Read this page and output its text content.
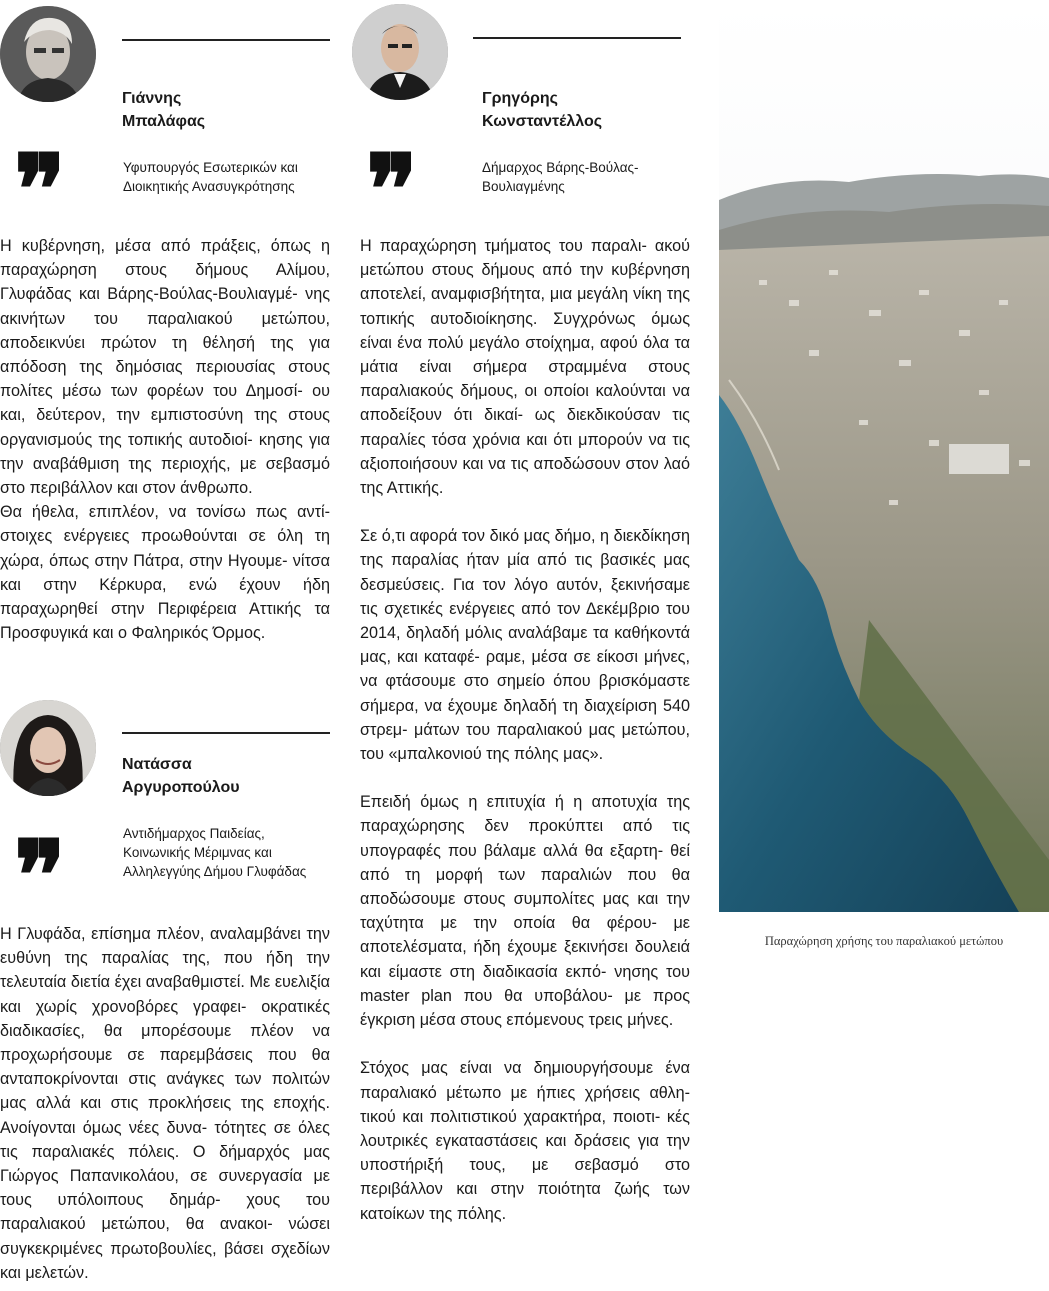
Γιάννης
Μπαλάφας
Υφυπουργός Εσωτερικών και
Διοικητικής Ανασυγκρότησης
❞

Η κυβέρνηση, μέσα από πράξεις, όπως η παραχώρηση στους δήμους Αλίμου, Γλυφάδας και Βάρης-Βούλας-Βουλιαγμέ- νης ακινήτων του παραλιακού μετώπου, αποδεικνύει πρώτον τη θέλησή της για απόδοση της δημόσιας περιουσίας στους πολίτες μέσω των φορέων του Δημοσί- ου και, δεύτερον, την εμπιστοσύνη της στους οργανισμούς της τοπικής αυτοδιοί- κησης για την αναβάθμιση της περιοχής, με σεβασμό στο περιβάλλον και στον άνθρωπο.

Θα ήθελα, επιπλέον, να τονίσω πως αντί- στοιχες ενέργειες προωθούνται σε όλη τη χώρα, όπως στην Πάτρα, στην Ηγουμε- νίτσα και στην Κέρκυρα, ενώ έχουν ήδη παραχωρηθεί στην Περιφέρεια Αττικής τα Προσφυγικά και ο Φαληρικός Όρμος.

Νατάσσα
Αργυροπούλου
Αντιδήμαρχος Παιδείας,
Κοινωνικής Μέριμνας και
Αλληλεγγύης Δήμου Γλυφάδας
❞

Η Γλυφάδα, επίσημα πλέον, αναλαμβάνει την ευθύνη της παραλίας της, που ήδη την τελευταία διετία έχει αναβαθμιστεί. Με ευελιξία και χωρίς χρονοβόρες γραφει- οκρατικές διαδικασίες, θα μπορέσουμε πλέον να προχωρήσουμε σε παρεμβάσεις που θα ανταποκρίνονται στις ανάγκες των πολιτών μας αλλά και στις προκλήσεις της εποχής. Ανοίγονται όμως νέες δυνα- τότητες σε όλες τις παραλιακές πόλεις. Ο δήμαρχός μας Γιώργος Παπανικολάου, σε συνεργασία με τους υπόλοιπους δημάρ- χους του παραλιακού μετώπου, θα ανακοι- νώσει συγκεκριμένες πρωτοβουλίες, βάσει σχεδίων και μελετών.

Γρηγόρης
Κωνσταντέλλος
Δήμαρχος Βάρης-Βούλας-
Βουλιαγμένης
❞

Η παραχώρηση τμήματος του παραλι- ακού μετώπου στους δήμους από την κυβέρνηση αποτελεί, αναμφισβήτητα, μια μεγάλη νίκη της τοπικής αυτοδιοίκησης. Συγχρόνως όμως είναι ένα πολύ μεγάλο στοίχημα, αφού όλα τα μάτια είναι σήμερα στραμμένα στους παραλιακούς δήμους, οι οποίοι καλούνται να αποδείξουν ότι δικαί- ως διεκδικούσαν τις παραλίες τόσα χρόνια και ότι μπορούν να τις αξιοποιήσουν και να τις αποδώσουν στον λαό της Αττικής.

Σε ό,τι αφορά τον δικό μας δήμο, η διεκδίκηση της παραλίας ήταν μία από τις βασικές μας δεσμεύσεις. Για τον λόγο αυτόν, ξεκινήσαμε τις σχετικές ενέργειες από τον Δεκέμβριο του 2014, δηλαδή μόλις αναλάβαμε τα καθήκοντά μας, και καταφέ- ραμε, μέσα σε είκοσι μήνες, να φτάσουμε στο σημείο όπου βρισκόμαστε σήμερα, να έχουμε δηλαδή τη διαχείριση 540 στρεμ- μάτων του παραλιακού μας μετώπου, του «μπαλκονιού της πόλης μας».

Επειδή όμως η επιτυχία ή η αποτυχία της παραχώρησης δεν προκύπτει από τις υπογραφές που βάλαμε αλλά θα εξαρτη- θεί από τη μορφή των παραλιών που θα αποδώσουμε στους συμπολίτες μας και την ταχύτητα με την οποία θα φέρου- με αποτελέσματα, ήδη έχουμε ξεκινήσει δουλειά και είμαστε στη διαδικασία εκπό- νησης του master plan που θα υποβάλου- με προς έγκριση μέσα στους επόμενους τρεις μήνες.

Στόχος μας είναι να δημιουργήσουμε ένα παραλιακό μέτωπο με ήπιες χρήσεις αθλη- τικού και πολιτιστικού χαρακτήρα, ποιοτι- κές λουτρικές εγκαταστάσεις και δράσεις για την υποστήριξή τους, με σεβασμό στο περιβάλλον και στην ποιότητα ζωής των κατοίκων της πόλης.

Παραχώρηση χρήσης του παραλιακού μετώπου
